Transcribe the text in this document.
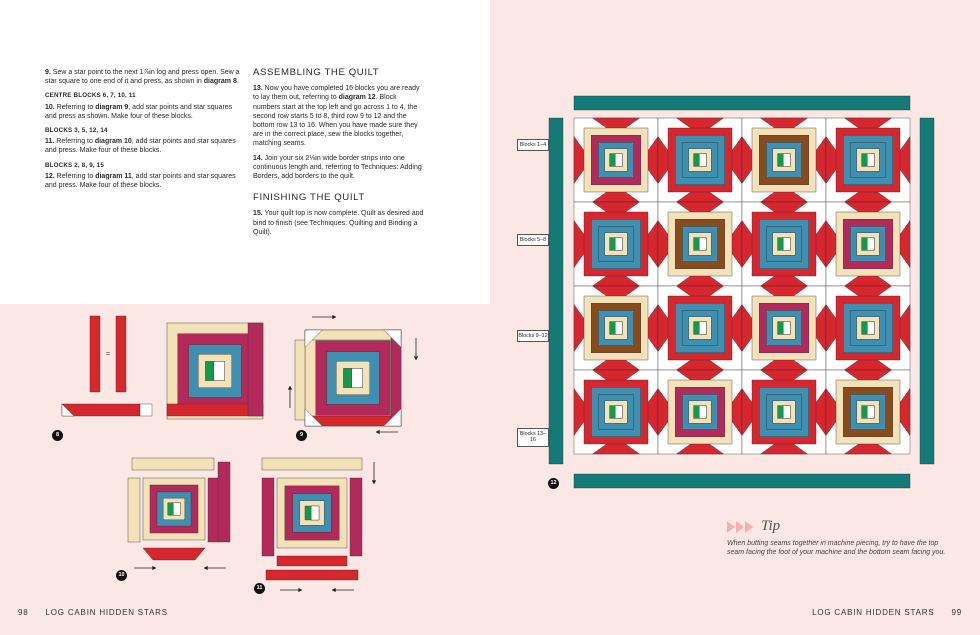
9. Sew a star point to the next 1⅞in log and press open. Sew a star square to one end of it and press, as shown in diagram 8.

CENTRE BLOCKS 6, 7, 10, 11

10. Referring to diagram 9, add star points and star squares and press as shown. Make four of these blocks.

BLOCKS 3, 5, 12, 14

11. Referring to diagram 10, add star points and star squares and press. Make four of these blocks.

BLOCKS 2, 8, 9, 15

12. Referring to diagram 11, add star points and star squares and press. Make four of these blocks.

ASSEMBLING THE QUILT

13. Now you have completed 16 blocks you are ready to lay them out, referring to diagram 12. Block numbers start at the top left and go across 1 to 4, the second row starts 5 to 8, third row 9 to 12 and the bottom row 13 to 16. When you have made sure they are in the correct place, sew the blocks together, matching seams.

14. Join your six 2⅛in wide border strips into one continuous length and, referring to Techniques: Adding Borders, add borders to the quilt.

FINISHING THE QUILT

15. Your quilt top is now complete. Quilt as desired and bind to finish (see Techniques: Quilting and Binding a Quilt).

=
8	9
10
11
12
Blocks 1–4
Blocks 5–8
Blocks 9–12
Blocks 13–16
Tip
When butting seams together in machine piecing, try to have the top seam facing the foot of your machine and the bottom seam facing you.
98 LOG CABIN HIDDEN STARS	LOG CABIN HIDDEN STARS 99
